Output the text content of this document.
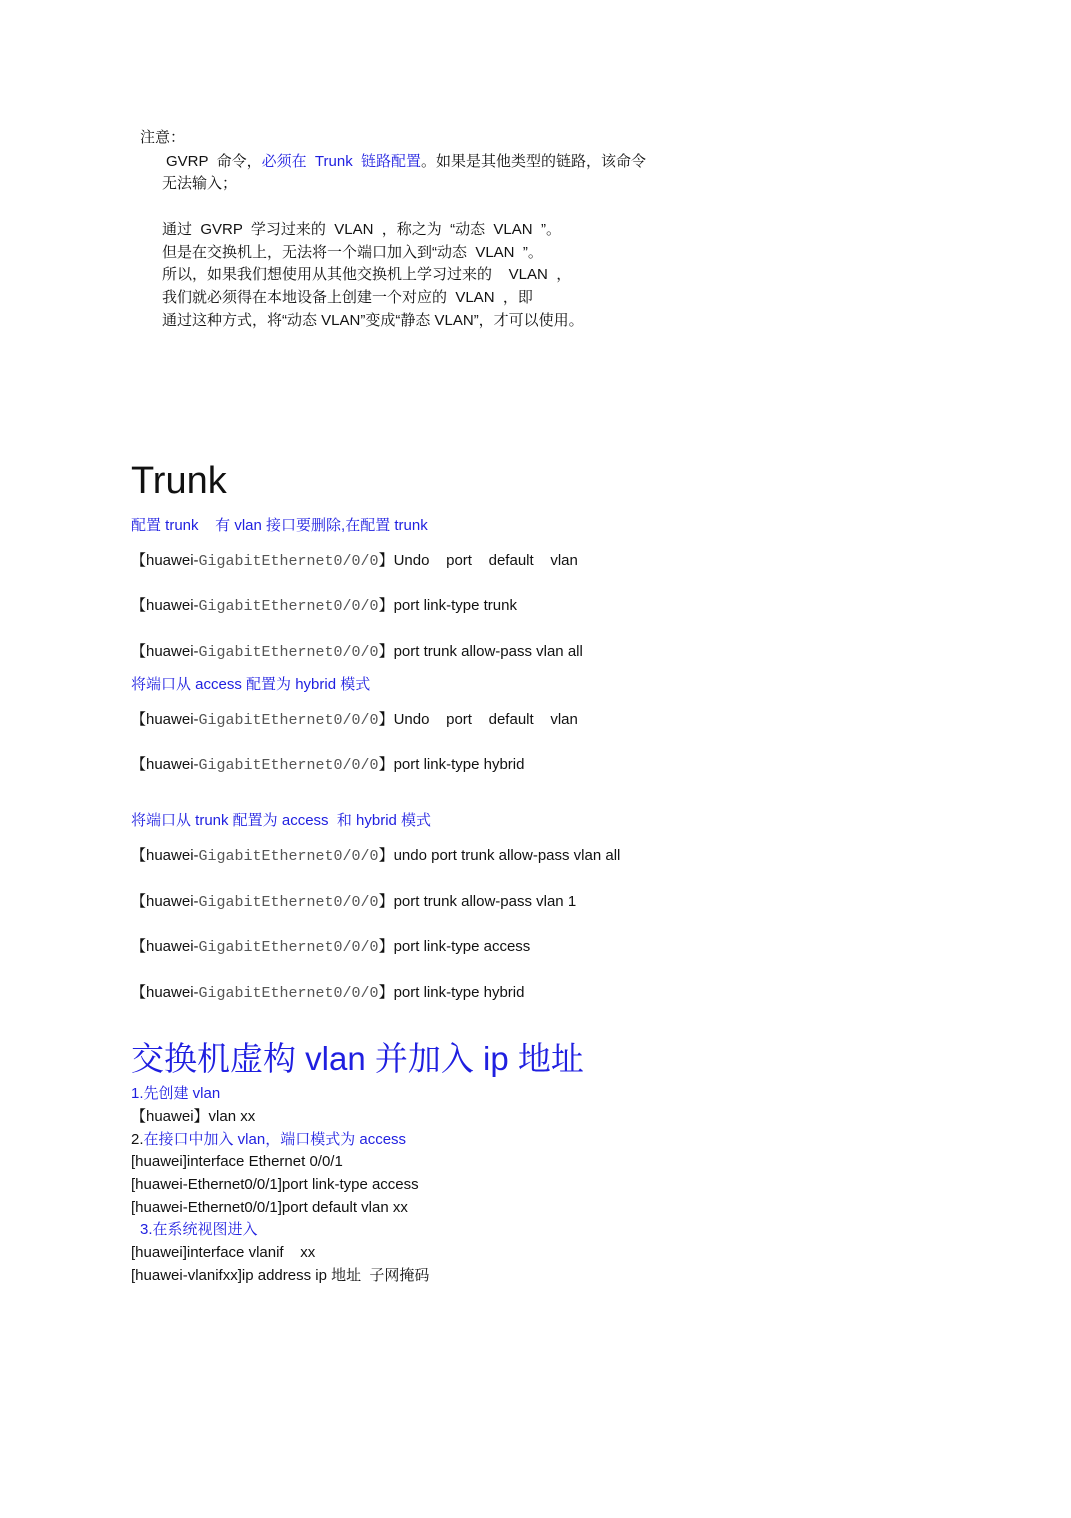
注意：
GVRP  命令，必须在  Trunk  链路配置。如果是其他类型的链路，该命令
无法输入；
通过  GVRP  学习过来的  VLAN  ，称之为  “动态  VLAN  ”。
但是在交换机上，无法将一个端口加入到“动态  VLAN  ”。
所以，如果我们想使用从其他交换机上学习过来的    VLAN  ，
我们就必须得在本地设备上创建一个对应的  VLAN  ，即
通过这种方式，将“动态 VLAN”变成“静态 VLAN”，才可以使用。
Trunk
配置 trunk    有 vlan 接口要删除,在配置 trunk
【huawei-GigabitEthernet0/0/0】Undo    port    default    vlan
【huawei-GigabitEthernet0/0/0】port link-type trunk
【huawei-GigabitEthernet0/0/0】port trunk allow-pass vlan all
将端口从 access 配置为 hybrid 模式
【huawei-GigabitEthernet0/0/0】Undo    port    default    vlan
【huawei-GigabitEthernet0/0/0】port link-type hybrid
将端口从 trunk 配置为 access  和 hybrid 模式
【huawei-GigabitEthernet0/0/0】undo port trunk allow-pass vlan all
【huawei-GigabitEthernet0/0/0】port trunk allow-pass vlan 1
【huawei-GigabitEthernet0/0/0】port link-type access
【huawei-GigabitEthernet0/0/0】port link-type hybrid
交换机虚构 vlan 并加入 ip 地址
1.先创建 vlan
【huawei】vlan xx
2.在接口中加入 vlan，端口模式为 access
[huawei]interface Ethernet 0/0/1
[huawei-Ethernet0/0/1]port link-type access
[huawei-Ethernet0/0/1]port default vlan xx
3.在系统视图进入
[huawei]interface vlanif    xx
[huawei-vlanifxx]ip address ip 地址  子网掩码
